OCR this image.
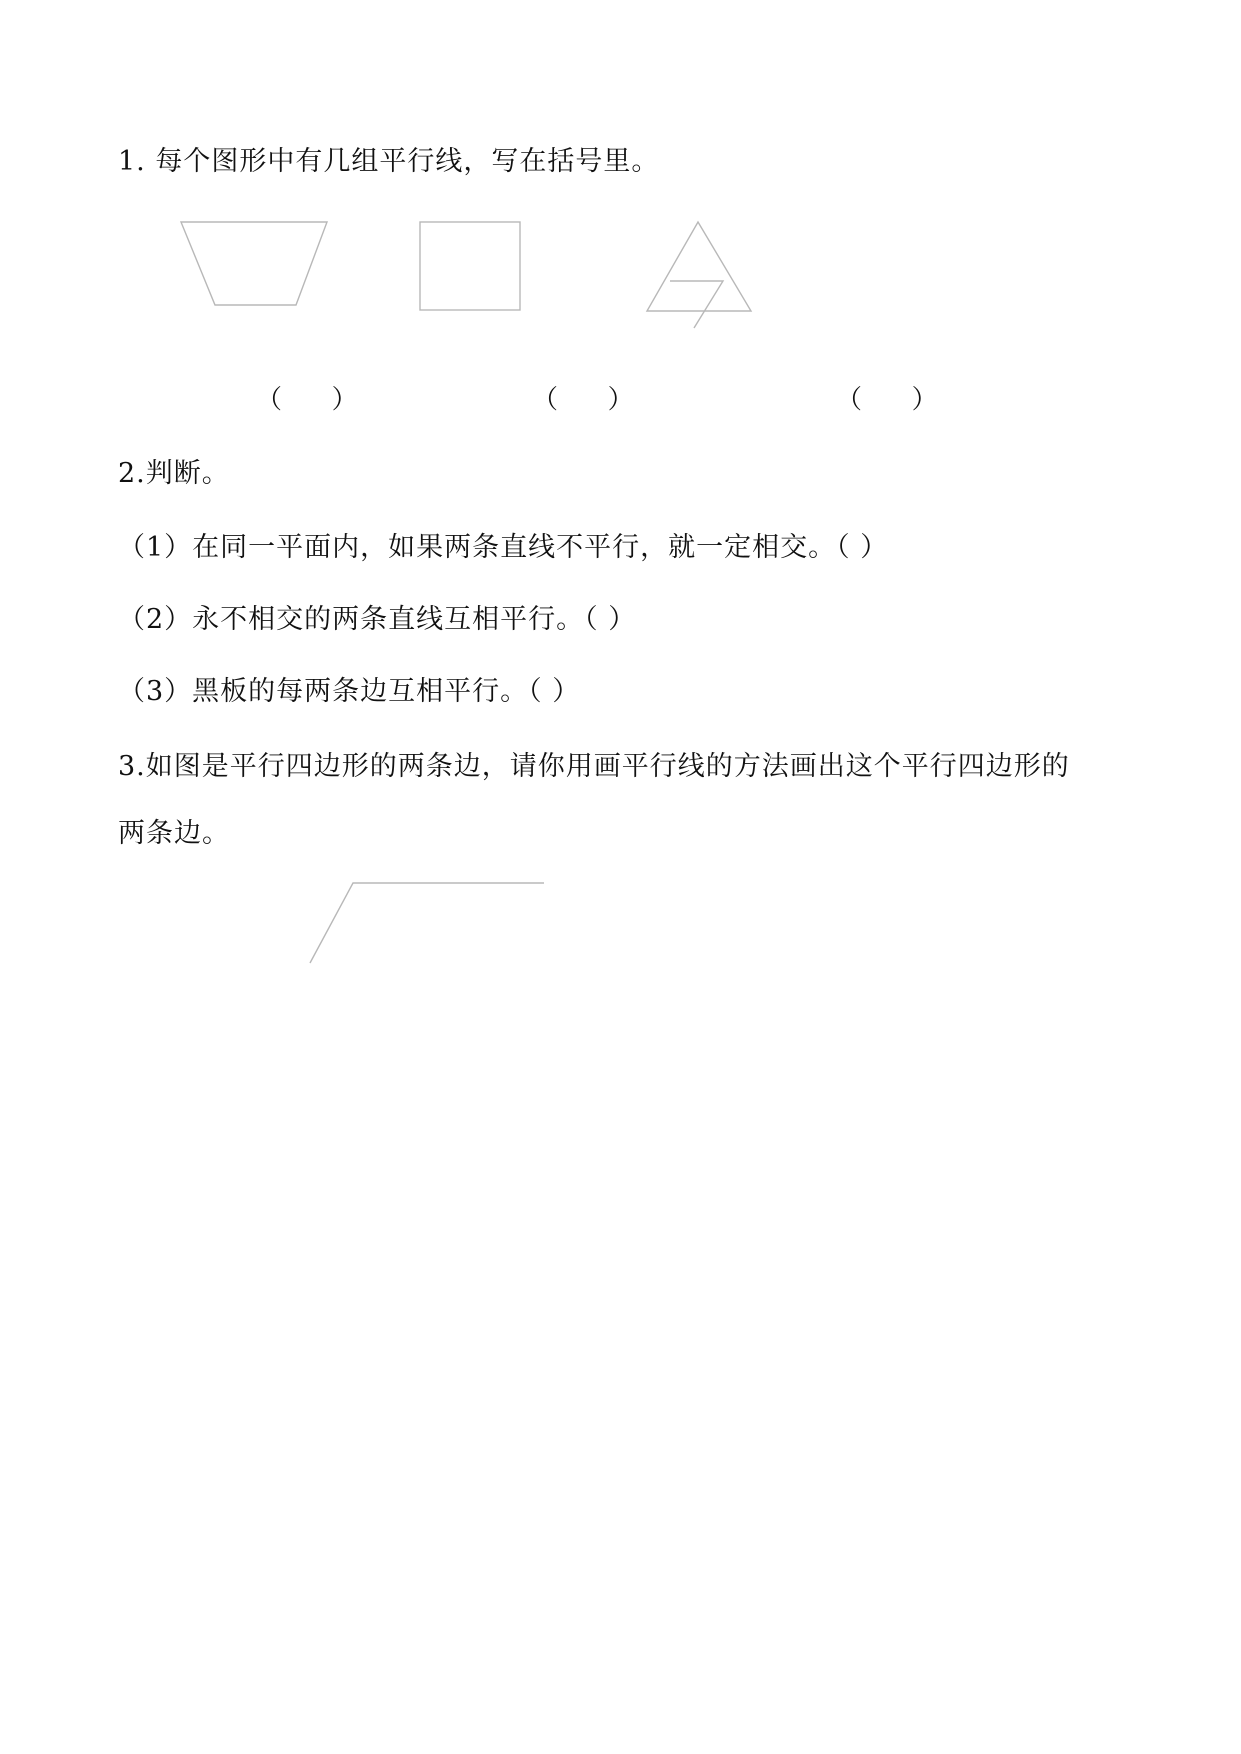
1. 每个图形中有几组平行线，写在括号里。
（      ）	（      ）	（      ）
2.判断。
（1）在同一平面内，如果两条直线不平行，就一定相交。（ ）
（2）永不相交的两条直线互相平行。（ ）
（3）黑板的每两条边互相平行。（ ）
3.如图是平行四边形的两条边，请你用画平行线的方法画出这个平行四边形的
两条边。
